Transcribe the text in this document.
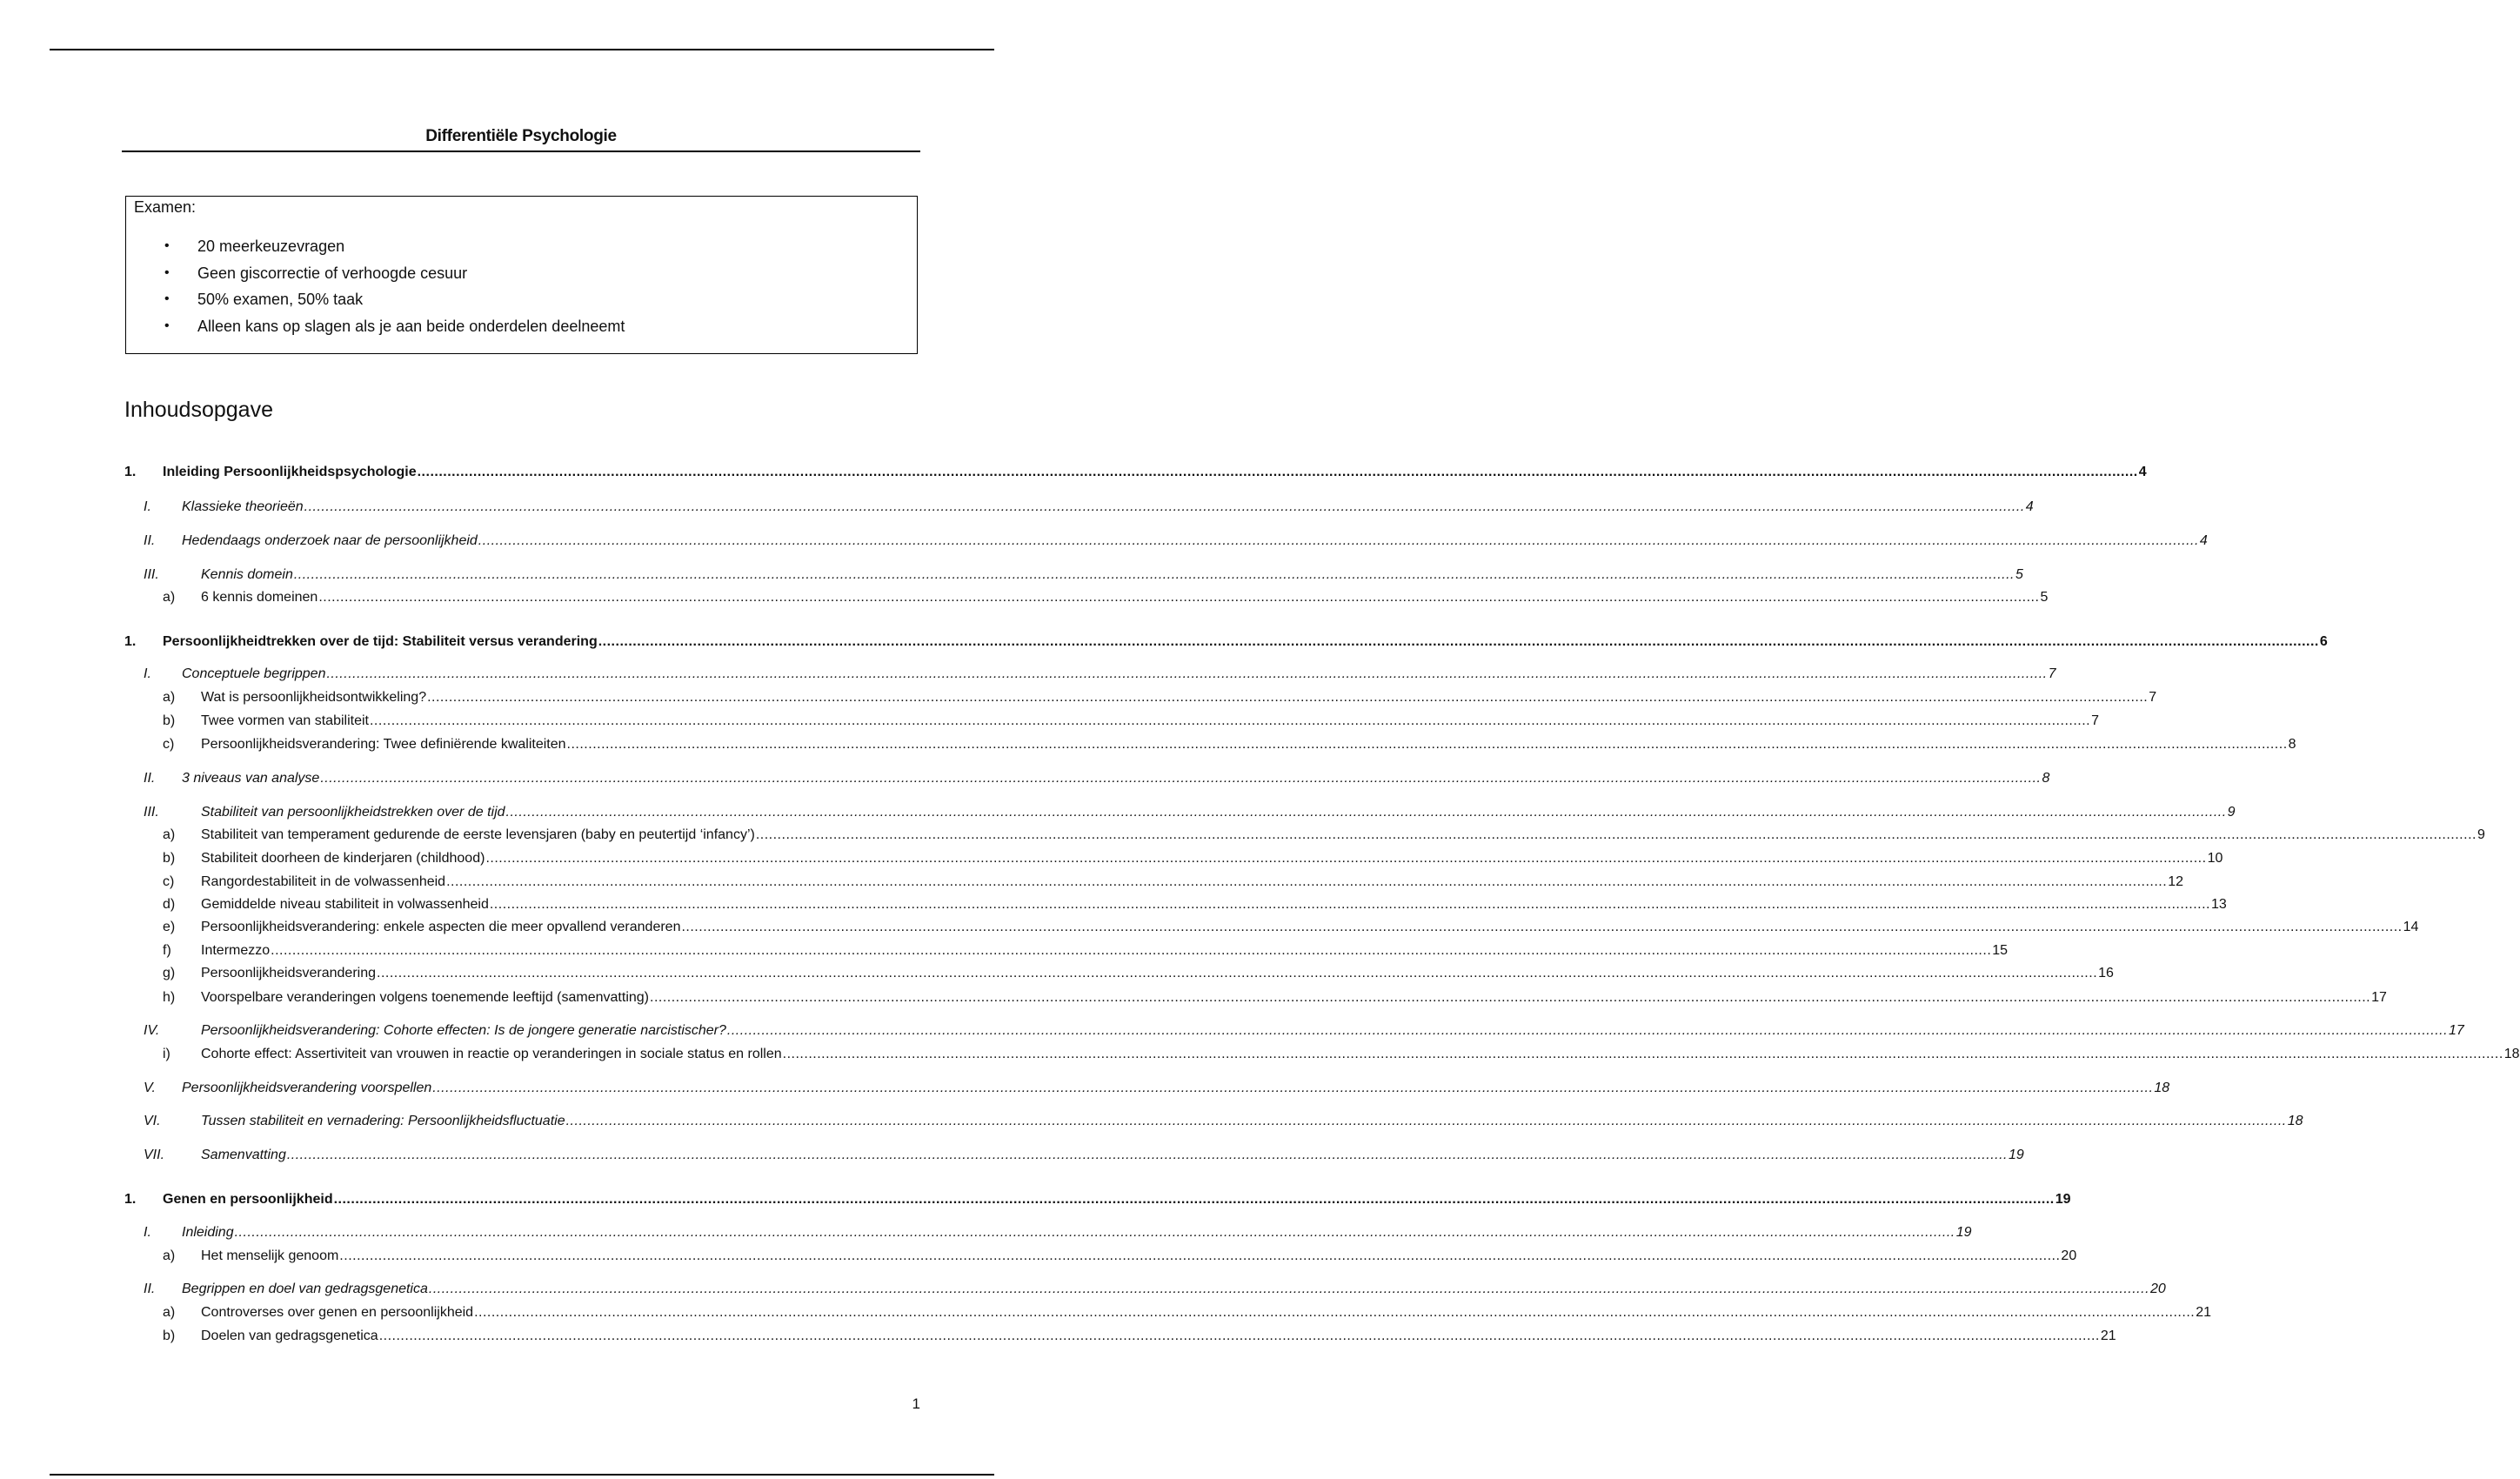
Differentiële Psychologie
Examen:
• 20 meerkeuzevragen
• Geen giscorrectie of verhoogde cesuur
• 50% examen, 50% taak
• Alleen kans op slagen als je aan beide onderdelen deelneemt
Inhoudsopgave
1. Inleiding Persoonlijkheidspsychologie ................................................................................................................................................................................................................................................................................................................................................................................................................ 4
I. Klassieke theorieën ................................................................................................................................................................................................................................................................................................................................................................................................................ 4
II. Hedendaags onderzoek naar de persoonlijkheid ................................................................................................................................................................................................................................................................................................................................................................................................................ 4
III.	Kennis domein ................................................................................................................................................................................................................................................................................................................................................................................................................ 5
a) 6 kennis domeinen ................................................................................................................................................................................................................................................................................................................................................................................................................ 5
1. Persoonlijkheidtrekken over de tijd: Stabiliteit versus verandering ................................................................................................................................................................................................................................................................................................................................................................................................................ 6
I. Conceptuele begrippen ................................................................................................................................................................................................................................................................................................................................................................................................................ 7
a) Wat is persoonlijkheidsontwikkeling? ................................................................................................................................................................................................................................................................................................................................................................................................................ 7
b) Twee vormen van stabiliteit ................................................................................................................................................................................................................................................................................................................................................................................................................ 7
c) Persoonlijkheidsverandering: Twee definiërende kwaliteiten ................................................................................................................................................................................................................................................................................................................................................................................................................ 8
II. 3 niveaus van analyse ................................................................................................................................................................................................................................................................................................................................................................................................................ 8
III.	Stabiliteit van persoonlijkheidstrekken over de tijd ................................................................................................................................................................................................................................................................................................................................................................................................................ 9
a) Stabiliteit van temperament gedurende de eerste levensjaren (baby en peutertijd ‘infancy’) ................................................................................................................................................................................................................................................................................................................................................................................................................ 9
b) Stabiliteit doorheen de kinderjaren (childhood) ................................................................................................................................................................................................................................................................................................................................................................................................................ 10
c) Rangordestabiliteit in de volwassenheid ................................................................................................................................................................................................................................................................................................................................................................................................................ 12
d) Gemiddelde niveau stabiliteit in volwassenheid ................................................................................................................................................................................................................................................................................................................................................................................................................ 13
e) Persoonlijkheidsverandering: enkele aspecten die meer opvallend veranderen ................................................................................................................................................................................................................................................................................................................................................................................................................ 14
f) Intermezzo ................................................................................................................................................................................................................................................................................................................................................................................................................ 15
g) Persoonlijkheidsverandering ................................................................................................................................................................................................................................................................................................................................................................................................................ 16
h) Voorspelbare veranderingen volgens toenemende leeftijd (samenvatting) ................................................................................................................................................................................................................................................................................................................................................................................................................ 17
IV.	Persoonlijkheidsverandering: Cohorte effecten: Is de jongere generatie narcistischer? ................................................................................................................................................................................................................................................................................................................................................................................................................ 17
i) Cohorte effect: Assertiviteit van vrouwen in reactie op veranderingen in sociale status en rollen ................................................................................................................................................................................................................................................................................................................................................................................................................ 18
V. Persoonlijkheidsverandering voorspellen ................................................................................................................................................................................................................................................................................................................................................................................................................ 18
VI.	Tussen stabiliteit en vernadering: Persoonlijkheidsfluctuatie ................................................................................................................................................................................................................................................................................................................................................................................................................ 18
VII.	Samenvatting ................................................................................................................................................................................................................................................................................................................................................................................................................ 19
1. Genen en persoonlijkheid ................................................................................................................................................................................................................................................................................................................................................................................................................ 19
I. Inleiding ................................................................................................................................................................................................................................................................................................................................................................................................................ 19
a) Het menselijk genoom ................................................................................................................................................................................................................................................................................................................................................................................................................ 20
II. Begrippen en doel van gedragsgenetica ................................................................................................................................................................................................................................................................................................................................................................................................................ 20
a) Controverses over genen en persoonlijkheid ................................................................................................................................................................................................................................................................................................................................................................................................................ 21
b) Doelen van gedragsgenetica ................................................................................................................................................................................................................................................................................................................................................................................................................ 21
1
